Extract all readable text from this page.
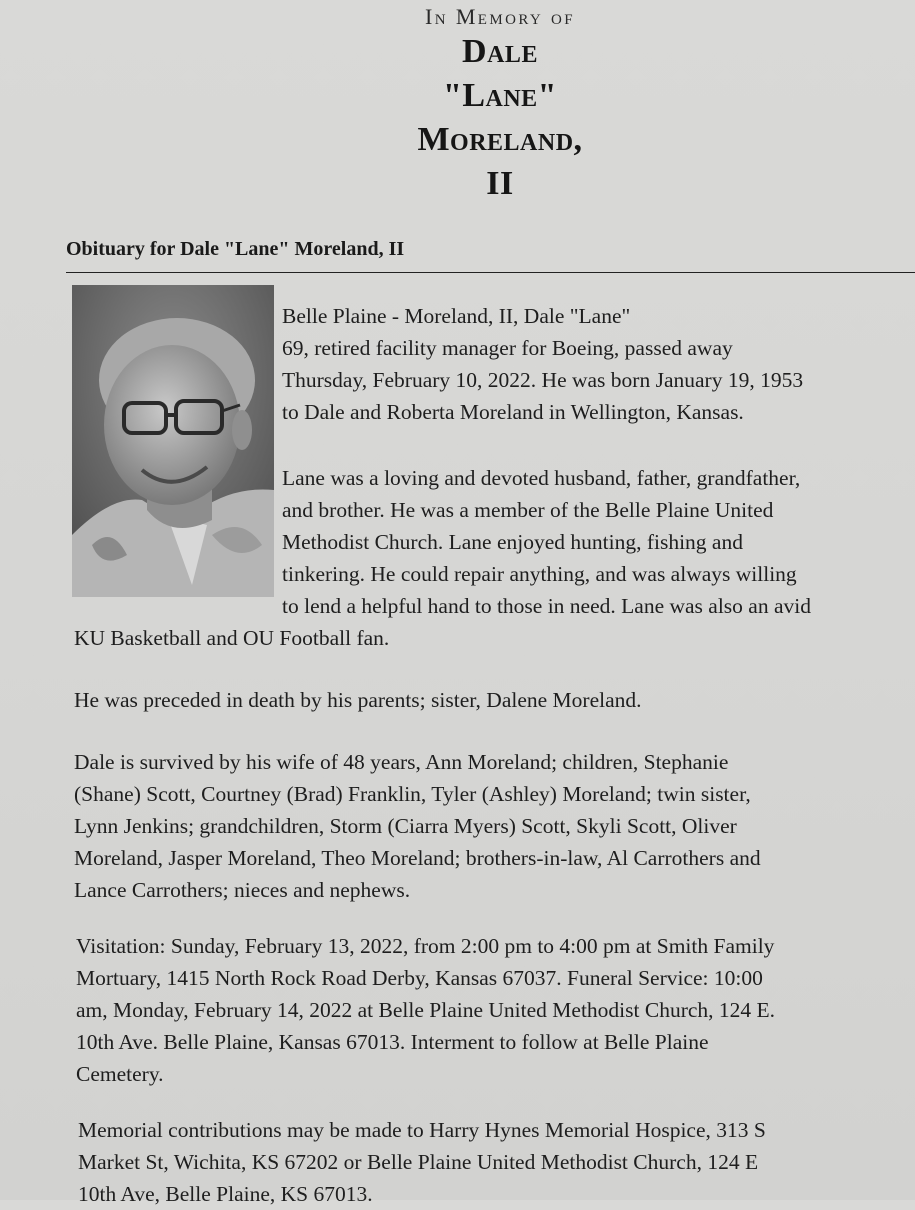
In Memory of
Dale
"Lane"
Moreland,
II
Obituary for Dale "Lane" Moreland, II
Belle Plaine - Moreland, II, Dale "Lane"
69, retired facility manager for Boeing, passed away
Thursday, February 10, 2022. He was born January 19, 1953
to Dale and Roberta Moreland in Wellington, Kansas.
Lane was a loving and devoted husband, father, grandfather,
and brother. He was a member of the Belle Plaine United
Methodist Church. Lane enjoyed hunting, fishing and
tinkering. He could repair anything, and was always willing
to lend a helpful hand to those in need. Lane was also an avid
KU Basketball and OU Football fan.
He was preceded in death by his parents; sister, Dalene Moreland.
Dale is survived by his wife of 48 years, Ann Moreland; children, Stephanie
(Shane) Scott, Courtney (Brad) Franklin, Tyler (Ashley) Moreland; twin sister,
Lynn Jenkins; grandchildren, Storm (Ciarra Myers) Scott, Skyli Scott, Oliver
Moreland, Jasper Moreland, Theo Moreland; brothers-in-law, Al Carrothers and
Lance Carrothers; nieces and nephews.
Visitation: Sunday, February 13, 2022, from 2:00 pm to 4:00 pm at Smith Family
Mortuary, 1415 North Rock Road Derby, Kansas 67037. Funeral Service: 10:00
am, Monday, February 14, 2022 at Belle Plaine United Methodist Church, 124 E.
10th Ave. Belle Plaine, Kansas 67013. Interment to follow at Belle Plaine
Cemetery.
Memorial contributions may be made to Harry Hynes Memorial Hospice, 313 S
Market St, Wichita, KS 67202 or Belle Plaine United Methodist Church, 124 E
10th Ave, Belle Plaine, KS 67013.
